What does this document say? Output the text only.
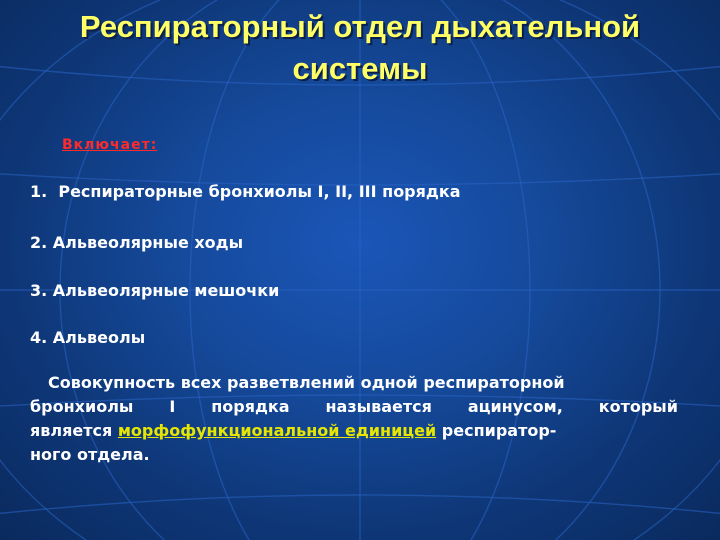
Респираторный отдел дыхательной
системы
Включает:
1.  Респираторные бронхиолы I, II, III порядка
2. Альвеолярные ходы
3. Альвеолярные мешочки
4. Альвеолы
Совокупность всех разветвлений одной респираторной
бронхиолы I порядка называется ацинусом, который
является морфофункциональной единицей респиратор-
ного отдела.
